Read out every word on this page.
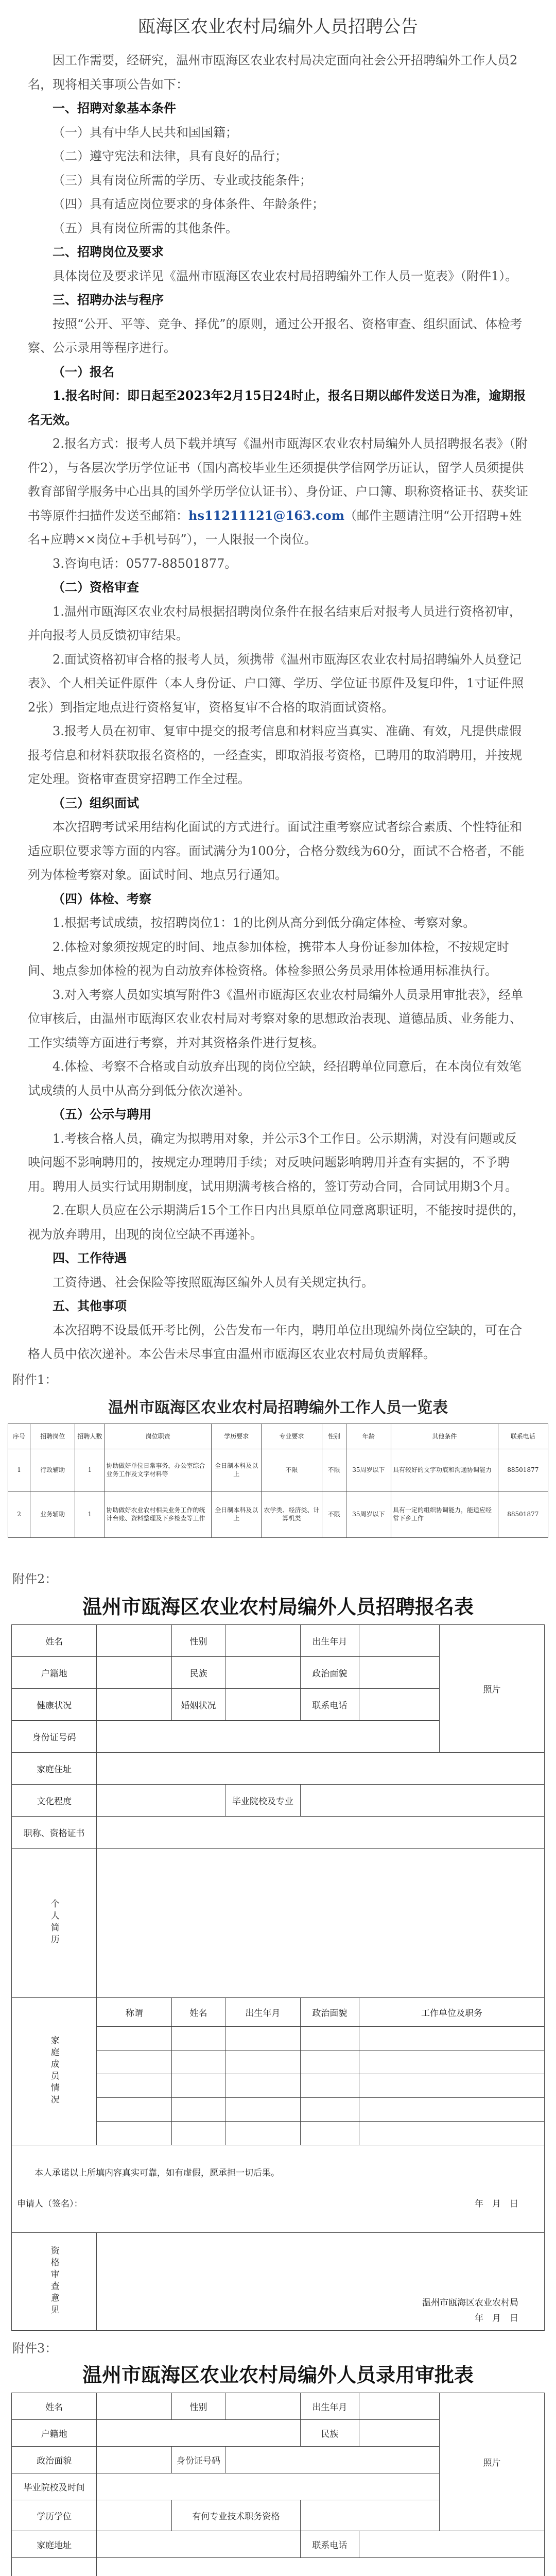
瓯海区农业农村局编外人员招聘公告

因工作需要，经研究，温州市瓯海区农业农村局决定面向社会公开招聘编外工作人员2名，现将相关事项公告如下：

一、招聘对象基本条件

（一）具有中华人民共和国国籍；

（二）遵守宪法和法律，具有良好的品行；

（三）具有岗位所需的学历、专业或技能条件；

（四）具有适应岗位要求的身体条件、年龄条件；

（五）具有岗位所需的其他条件。

二、招聘岗位及要求

具体岗位及要求详见《温州市瓯海区农业农村局招聘编外工作人员一览表》（附件1）。

三、招聘办法与程序

按照“公开、平等、竞争、择优”的原则，通过公开报名、资格审查、组织面试、体检考察、公示录用等程序进行。

（一）报名

1.报名时间：即日起至2023年2月15日24时止，报名日期以邮件发送日为准，逾期报名无效。

2.报名方式：报考人员下载并填写《温州市瓯海区农业农村局编外人员招聘报名表》（附件2），与各层次学历学位证书（国内高校毕业生还须提供学信网学历证认，留学人员须提供教育部留学服务中心出具的国外学历学位认证书）、身份证、户口簿、职称资格证书、获奖证书等原件扫描件发送至邮箱：hs11211121@163.com（邮件主题请注明“公开招聘+姓名+应聘××岗位+手机号码”），一人限报一个岗位。

3.咨询电话：0577-88501877。

（二）资格审查

1.温州市瓯海区农业农村局根据招聘岗位条件在报名结束后对报考人员进行资格初审，并向报考人员反馈初审结果。

2.面试资格初审合格的报考人员，须携带《温州市瓯海区农业农村局招聘编外人员登记表》、个人相关证件原件（本人身份证、户口簿、学历、学位证书原件及复印件，1寸证件照2张）到指定地点进行资格复审，资格复审不合格的取消面试资格。

3.报考人员在初审、复审中提交的报考信息和材料应当真实、准确、有效，凡提供虚假报考信息和材料获取报名资格的，一经查实，即取消报考资格，已聘用的取消聘用，并按规定处理。资格审查贯穿招聘工作全过程。

（三）组织面试

本次招聘考试采用结构化面试的方式进行。面试注重考察应试者综合素质、个性特征和适应职位要求等方面的内容。面试满分为100分，合格分数线为60分，面试不合格者，不能列为体检考察对象。面试时间、地点另行通知。

（四）体检、考察

1.根据考试成绩，按招聘岗位1：1的比例从高分到低分确定体检、考察对象。

2.体检对象须按规定的时间、地点参加体检，携带本人身份证参加体检，不按规定时间、地点参加体检的视为自动放弃体检资格。体检参照公务员录用体检通用标准执行。

3.对入考察人员如实填写附件3《温州市瓯海区农业农村局编外人员录用审批表》，经单位审核后，由温州市瓯海区农业农村局对考察对象的思想政治表现、道德品质、业务能力、工作实绩等方面进行考察，并对其资格条件进行复核。

4.体检、考察不合格或自动放弃出现的岗位空缺，经招聘单位同意后，在本岗位有效笔试成绩的人员中从高分到低分依次递补。

（五）公示与聘用

1.考核合格人员，确定为拟聘用对象，并公示3个工作日。公示期满，对没有问题或反映问题不影响聘用的，按规定办理聘用手续；对反映问题影响聘用并查有实据的，不予聘用。聘用人员实行试用期制度，试用期满考核合格的，签订劳动合同，合同试用期3个月。

2.在职人员应在公示期满后15个工作日内出具原单位同意离职证明，不能按时提供的，视为放弃聘用，出现的岗位空缺不再递补。

四、工作待遇

工资待遇、社会保险等按照瓯海区编外人员有关规定执行。

五、其他事项

本次招聘不设最低开考比例，公告发布一年内，聘用单位出现编外岗位空缺的，可在合格人员中依次递补。本公告未尽事宜由温州市瓯海区农业农村局负责解释。

附件1：
温州市瓯海区农业农村局招聘编外工作人员一览表
序号	招聘岗位	招聘人数	岗位职责	学历要求	专业要求	性别	年龄	其他条件	联系电话
1	行政辅助	1	协助做好单位日常事务，办公室综合业务工作及文字材料等	全日制本科及以上	不限	不限	35周岁以下	具有较好的文字功底和沟通协调能力	88501877
2	业务辅助	1	协助做好农业农村相关业务工作的统计台账、资料整理及下乡检查等工作	全日制本科及以上	农学类、经济类、计算机类	不限	35周岁以下	具有一定的组织协调能力，能适应经常下乡工作	88501877
附件2：
温州市瓯海区农业农村局编外人员招聘报名表
姓名		性别		出生年月		照片
户籍地		民族		政治面貌		
健康状况		婚姻状况		联系电话		
身份证号码						
家庭住址						
文化程度			毕业院校及专业			
职称、资格证书						
个人简历						
家庭成员情况	称谓	姓名	出生年月	政治面貌	工作单位及职务	

本人承诺以上所填内容真实可靠，如有虚假，愿承担一切后果。
申请人（签名）： 年　月　日						

资格审查意见	温州市瓯海区农业农村局
年　月　日					
附件3：
温州市瓯海区农业农村局编外人员录用审批表
姓名		性别		出生年月		照片
户籍地				民族		
政治面貌		身份证号码				
毕业院校及时间						
学历学位		有何专业技术职务资格				
家庭地址				联系电话		
